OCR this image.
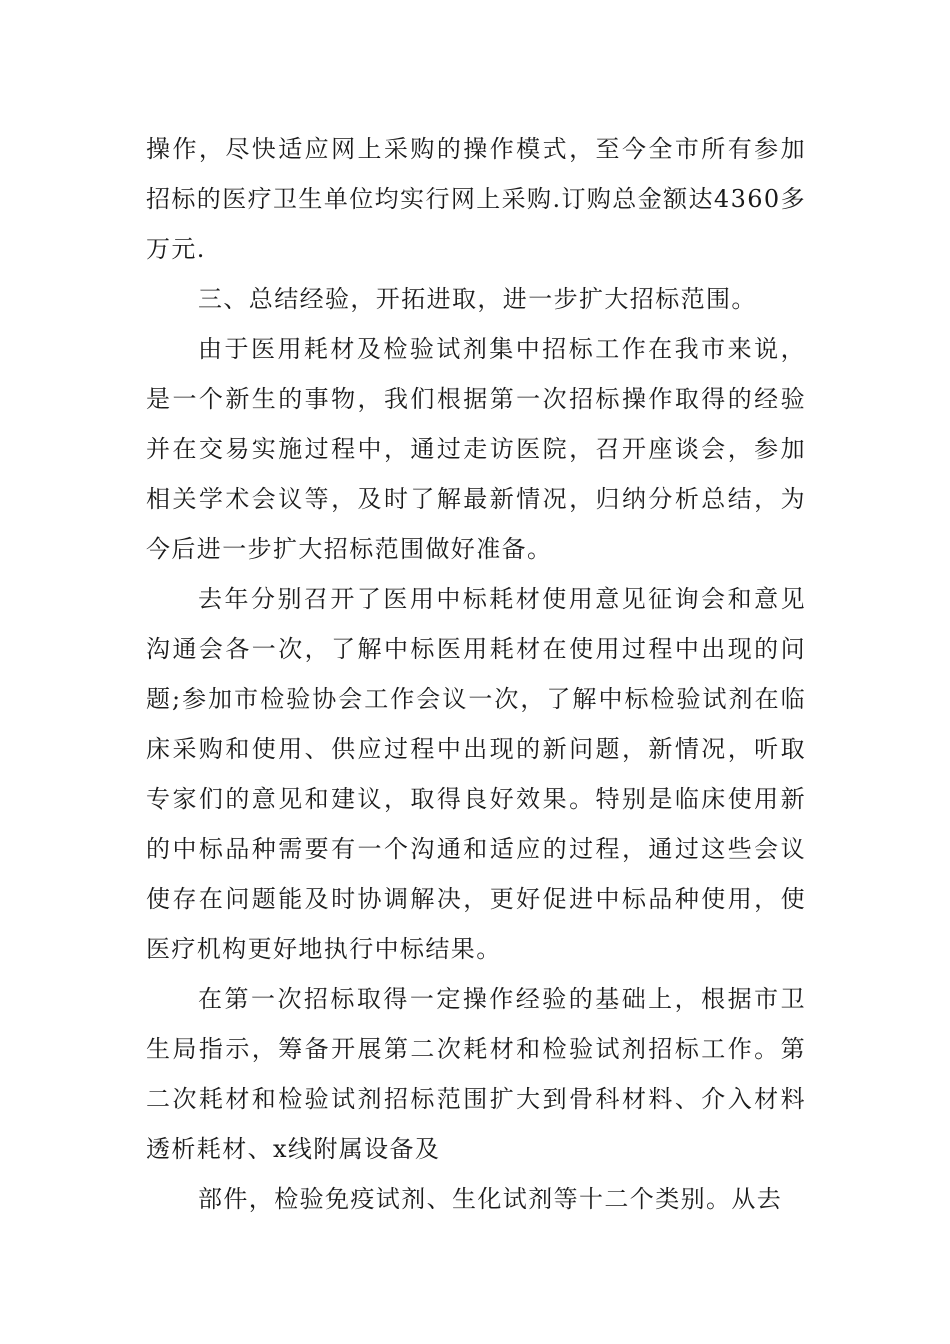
操作，尽快适应网上采购的操作模式，至今全市所有参加招标的医疗卫生单位均实行网上采购.订购总金额达4360多万元.

三、总结经验，开拓进取，进一步扩大招标范围。

由于医用耗材及检验试剂集中招标工作在我市来说，是一个新生的事物，我们根据第一次招标操作取得的经验并在交易实施过程中，通过走访医院，召开座谈会，参加相关学术会议等，及时了解最新情况，归纳分析总结，为今后进一步扩大招标范围做好准备。

去年分别召开了医用中标耗材使用意见征询会和意见沟通会各一次，了解中标医用耗材在使用过程中出现的问题;参加市检验协会工作会议一次，了解中标检验试剂在临床采购和使用、供应过程中出现的新问题，新情况，听取专家们的意见和建议，取得良好效果。特别是临床使用新的中标品种需要有一个沟通和适应的过程，通过这些会议使存在问题能及时协调解决，更好促进中标品种使用，使医疗机构更好地执行中标结果。

在第一次招标取得一定操作经验的基础上，根据市卫生局指示，筹备开展第二次耗材和检验试剂招标工作。第二次耗材和检验试剂招标范围扩大到骨科材料、介入材料透析耗材、x线附属设备及

部件，检验免疫试剂、生化试剂等十二个类别。从去
